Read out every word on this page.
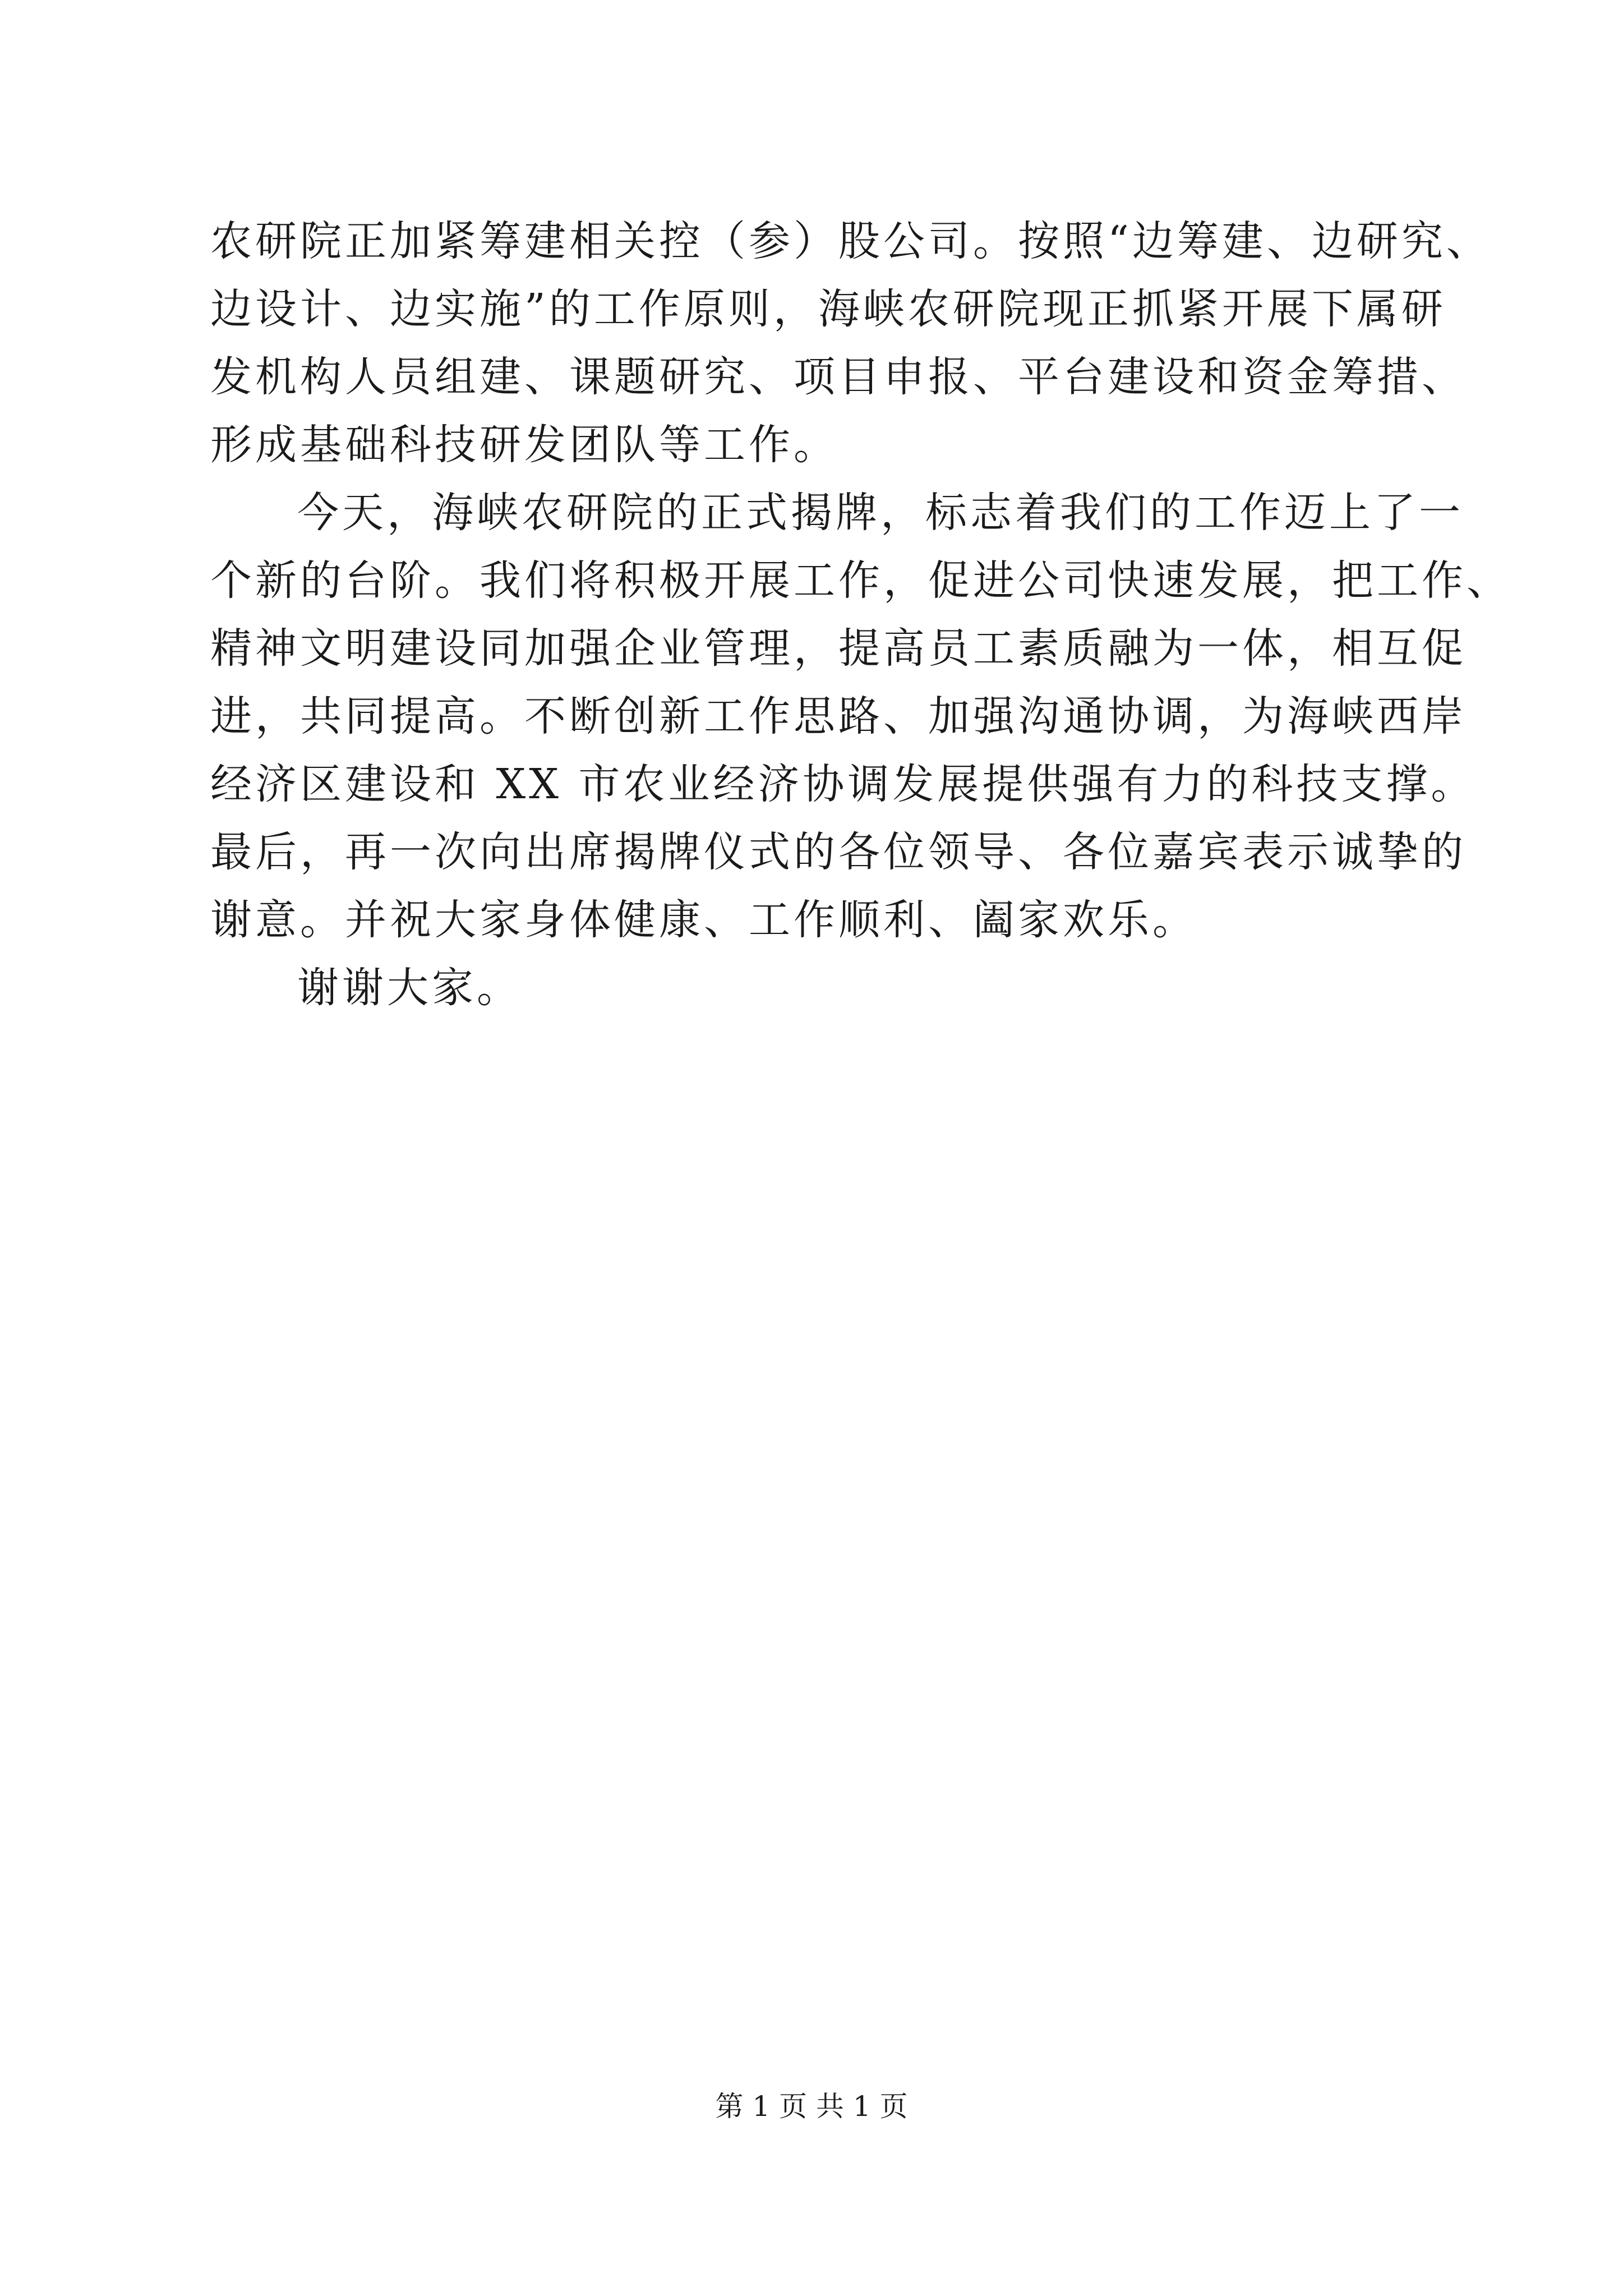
农研院正加紧筹建相关控（参）股公司。按照“边筹建、边研究、

边设计、边实施”的工作原则，海峡农研院现正抓紧开展下属研

发机构人员组建、课题研究、项目申报、平台建设和资金筹措、

形成基础科技研发团队等工作。

今天，海峡农研院的正式揭牌，标志着我们的工作迈上了一

个新的台阶。我们将积极开展工作，促进公司快速发展，把工作、

精神文明建设同加强企业管理，提高员工素质融为一体，相互促

进，共同提高。不断创新工作思路、加强沟通协调，为海峡西岸

经济区建设和 XX 市农业经济协调发展提供强有力的科技支撑。

最后，再一次向出席揭牌仪式的各位领导、各位嘉宾表示诚挚的

谢意。并祝大家身体健康、工作顺利、阖家欢乐。

谢谢大家。

第 1 页 共 1 页
